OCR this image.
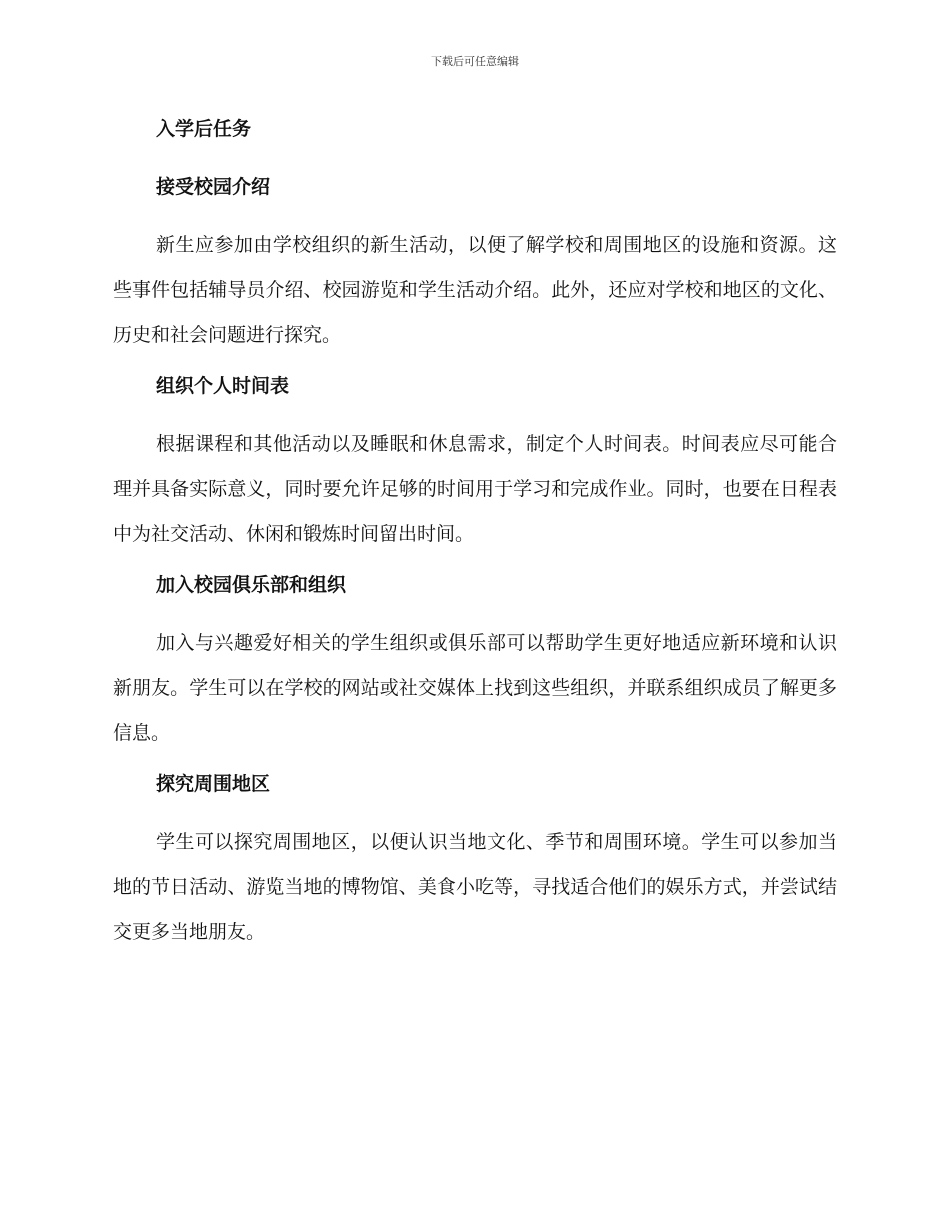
下载后可任意编辑
入学后任务
接受校园介绍

新生应参加由学校组织的新生活动，以便了解学校和周围地区的设施和资源。这些事件包括辅导员介绍、校园游览和学生活动介绍。此外，还应对学校和地区的文化、历史和社会问题进行探究。

组织个人时间表

根据课程和其他活动以及睡眠和休息需求，制定个人时间表。时间表应尽可能合理并具备实际意义，同时要允许足够的时间用于学习和完成作业。同时，也要在日程表中为社交活动、休闲和锻炼时间留出时间。

加入校园俱乐部和组织

加入与兴趣爱好相关的学生组织或俱乐部可以帮助学生更好地适应新环境和认识新朋友。学生可以在学校的网站或社交媒体上找到这些组织，并联系组织成员了解更多信息。

探究周围地区

学生可以探究周围地区，以便认识当地文化、季节和周围环境。学生可以参加当地的节日活动、游览当地的博物馆、美食小吃等，寻找适合他们的娱乐方式，并尝试结交更多当地朋友。
